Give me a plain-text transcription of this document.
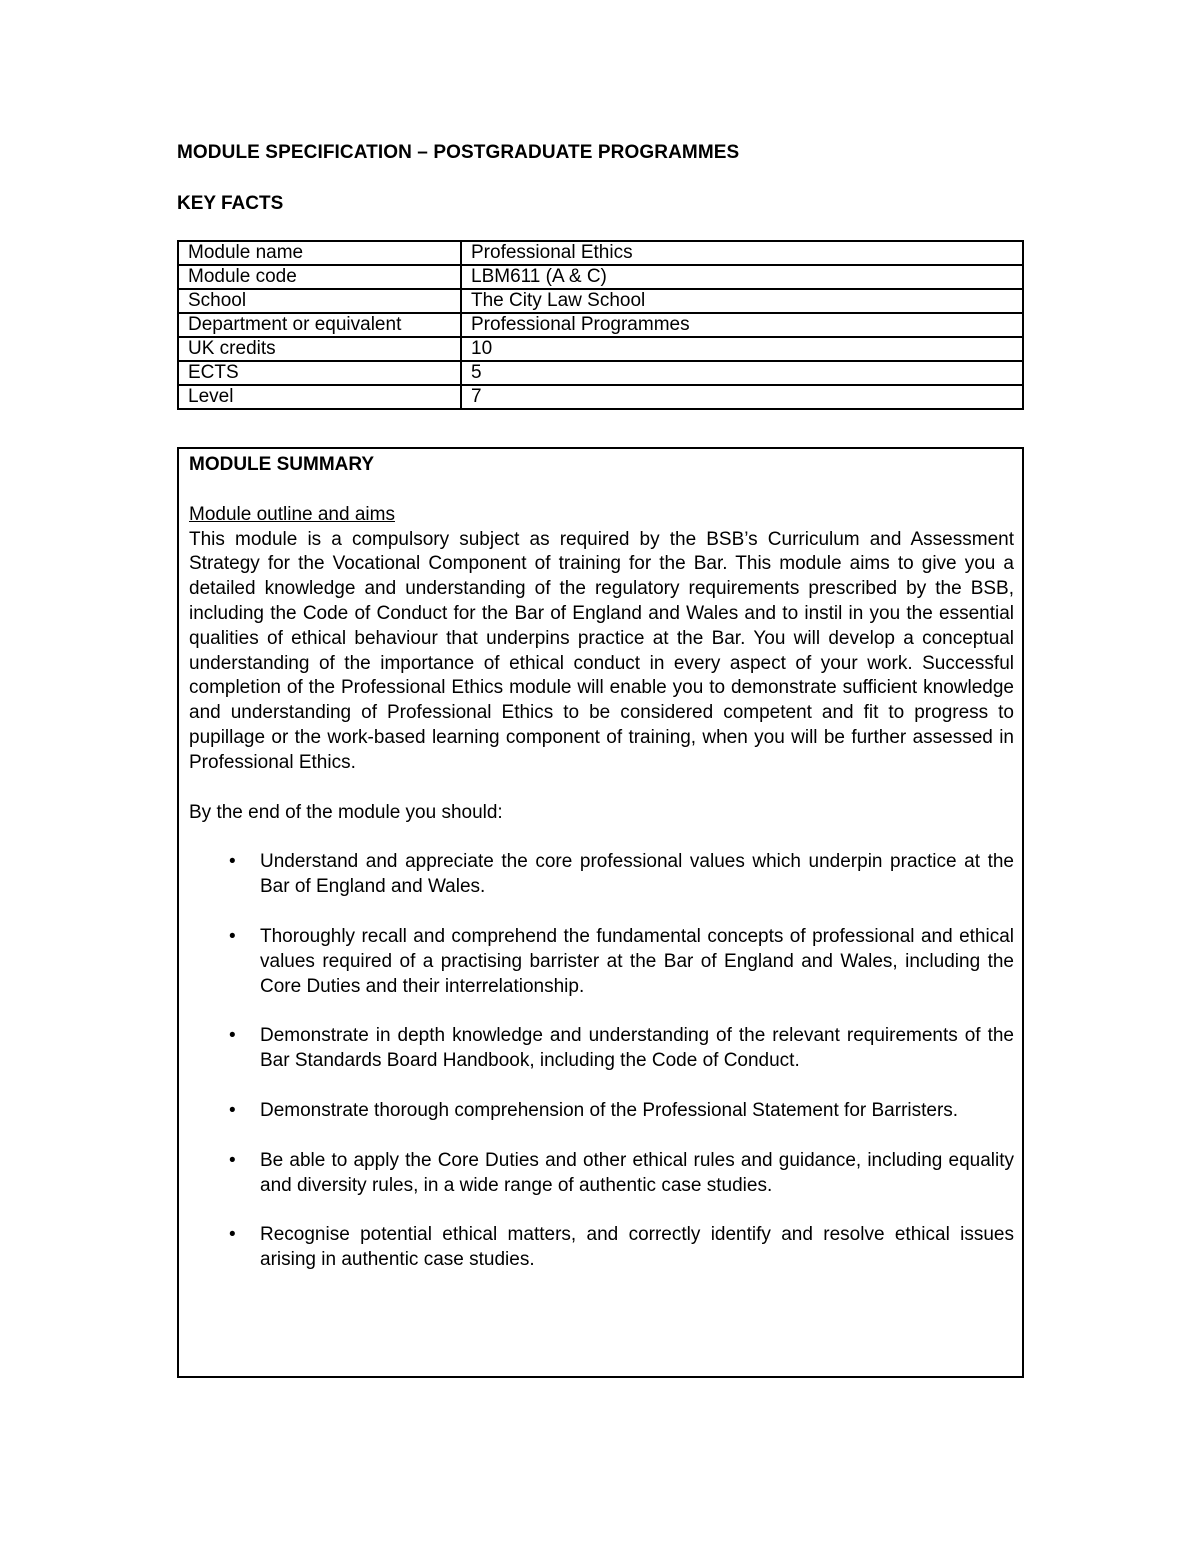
MODULE SPECIFICATION – POSTGRADUATE PROGRAMMES
KEY FACTS
Module name	Professional Ethics
Module code	LBM611 (A & C)
School	The City Law School
Department or equivalent	Professional Programmes
UK credits	10
ECTS	5
Level	7

MODULE SUMMARY

Module outline and aims

This module is a compulsory subject as required by the BSB’s Curriculum and Assessment Strategy for the Vocational Component of training for the Bar. This module aims to give you a detailed knowledge and understanding of the regulatory requirements prescribed by the BSB, including the Code of Conduct for the Bar of England and Wales and to instil in you the essential qualities of ethical behaviour that underpins practice at the Bar. You will develop a conceptual understanding of the importance of ethical conduct in every aspect of your work. Successful completion of the Professional Ethics module will enable you to demonstrate sufficient knowledge and understanding of Professional Ethics to be considered competent and fit to progress to pupillage or the work-based learning component of training, when you will be further assessed in Professional Ethics.

By the end of the module you should:

• Understand and appreciate the core professional values which underpin practice at the Bar of England and Wales.
• Thoroughly recall and comprehend the fundamental concepts of professional and ethical values required of a practising barrister at the Bar of England and Wales, including the Core Duties and their interrelationship.
• Demonstrate in depth knowledge and understanding of the relevant requirements of the Bar Standards Board Handbook, including the Code of Conduct.
• Demonstrate thorough comprehension of the Professional Statement for Barristers.
• Be able to apply the Core Duties and other ethical rules and guidance, including equality and diversity rules, in a wide range of authentic case studies.
• Recognise potential ethical matters, and correctly identify and resolve ethical issues arising in authentic case studies.
